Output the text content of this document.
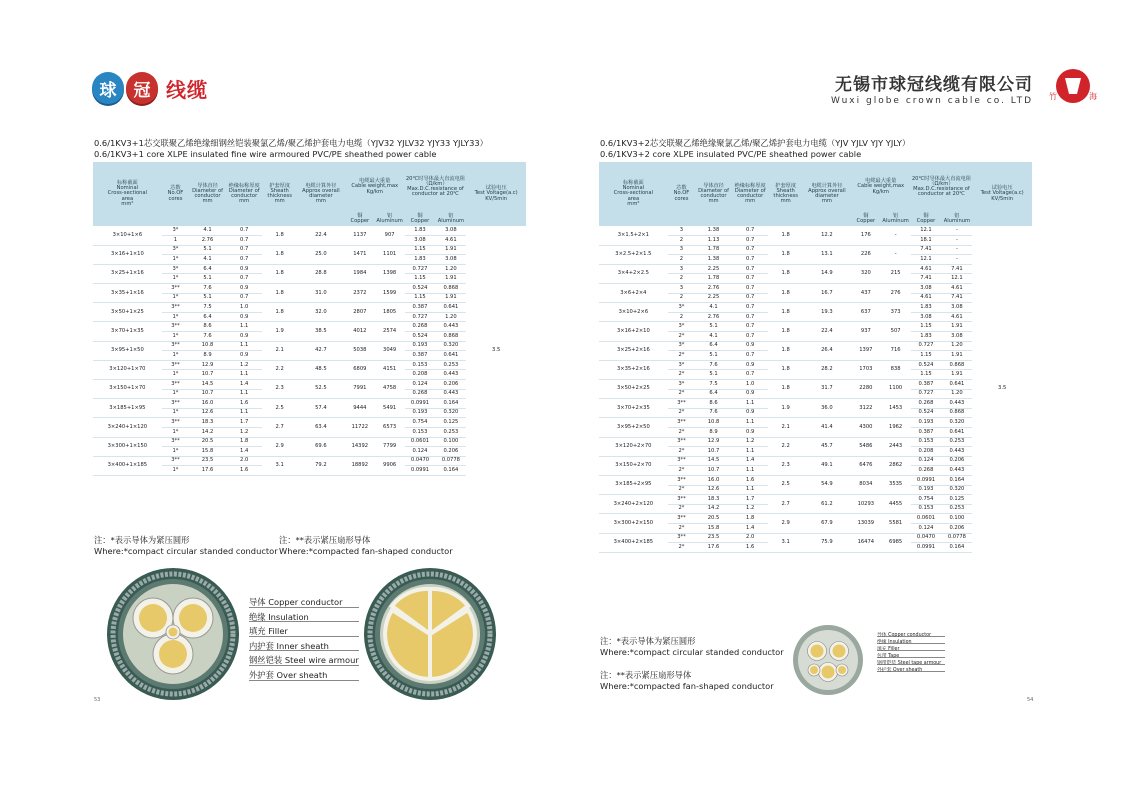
球	冠 线缆
0.6/1KV3+1芯交联聚乙烯绝缘细钢丝铠装聚氯乙烯/聚乙烯护套电力电缆（YJV32 YJLV32 YJY33 YJLY33）
0.6/1KV3+1 core XLPE insulated fine wire armoured PVC/PE sheathed power cable
标称截面
Nominal
Cross-sectional
area
mm²	芯数
No.OF
cores	导体直径
Diameter of
conductor
mm	绝缘标称厚度
Diameter of
conductor
mm	护套厚度
Sheath
thickness
mm	电缆计算外径
Approx overall
diameter
mm	电缆最大重量
Cable weight,max
Kg/km		20℃时导体最大直流电阻
（Ω/km）
Max.D.C.resistance of
conductor at 20℃		试验电压
Test Voltage(a.c)
KV/5min
						铜
Copper	铝
Aluminum	铜
Copper	铝
Aluminum	
3×10+1×6	3*	4.1	0.7	1.8	22.4	1137	907	1.83	3.08	3.5
	1	2.76	0.7					3.08	4.61	
3×16+1×10	3*	5.1	0.7	1.8	25.0	1471	1101	1.15	1.91	
	1*	4.1	0.7					1.83	3.08	
3×25+1×16	3*	6.4	0.9	1.8	28.8	1984	1398	0.727	1.20	
	1*	5.1	0.7					1.15	1.91	
3×35+1×16	3**	7.6	0.9	1.8	31.0	2372	1599	0.524	0.868	
	1*	5.1	0.7					1.15	1.91	
3×50+1×25	3**	7.5	1.0	1.8	32.0	2807	1805	0.387	0.641	
	1*	6.4	0.9					0.727	1.20	
3×70+1×35	3**	8.6	1.1	1.9	38.5	4012	2574	0.268	0.443	
	1*	7.6	0.9					0.524	0.868	
3×95+1×50	3**	10.8	1.1	2.1	42.7	5038	3049	0.193	0.320	
	1*	8.9	0.9					0.387	0.641	
3×120+1×70	3**	12.9	1.2	2.2	48.5	6809	4151	0.153	0.253	
	1*	10.7	1.1					0.208	0.443	
3×150+1×70	3**	14.5	1.4	2.3	52.5	7991	4758	0.124	0.206	
	1*	10.7	1.1					0.268	0.443	
3×185+1×95	3**	16.0	1.6	2.5	57.4	9444	5491	0.0991	0.164	
	1*	12.6	1.1					0.193	0.320	
3×240+1×120	3**	18.3	1.7	2.7	63.4	11722	6573	0.754	0.125	
	1*	14.2	1.2					0.153	0.253	
3×300+1×150	3**	20.5	1.8	2.9	69.6	14392	7799	0.0601	0.100	
	1*	15.8	1.4					0.124	0.206	
3×400+1×185	3**	23.5	2.0	3.1	79.2	18892	9906	0.0470	0.0778	
	1*	17.6	1.6					0.0991	0.164	
注：*表示导体为紧压圆形
Where:*compact circular standed conductor
注：**表示紧压扇形导体
Where:*compacted fan-shaped conductor
导体 Copper conductor
绝缘 Insulation
填充 Filler
内护套 Inner sheath
钢丝铠装 Steel wire armour
外护套 Over sheath
53
无锡市球冠线缆有限公司
Wuxi globe crown cable co. LTD 竹	海
0.6/1KV3+2芯交联聚乙烯绝缘聚氯乙烯/聚乙烯护套电力电缆（YJV YJLV YJY YJLY）
0.6/1KV3+2 core XLPE insulated PVC/PE sheathed power cable
标称截面
Nominal
Cross-sectional
area
mm²	芯数
No.OF
cores	导体直径
Diameter of
conductor
mm	绝缘标称厚度
Diameter of
conductor
mm	护套厚度
Sheath
thickness
mm	电缆计算外径
Approx overall
diameter
mm	电缆最大重量
Cable weight,max
Kg/km		20℃时导体最大直流电阻
（Ω/km）
Max.D.C.resistance of
conductor at 20℃		试验电压
Test Voltage(a.c)
KV/5min
						铜
Copper	铝
Aluminum	铜
Copper	铝
Aluminum	
3×1.5+2×1	3	1.38	0.7	1.8	12.2	176	-	12.1	-	3.5
	2	1.13	0.7					18.1	-	
3×2.5+2×1.5	3	1.78	0.7	1.8	13.1	226	-	7.41	-	
	2	1.38	0.7					12.1	-	
3×4+2×2.5	3	2.25	0.7	1.8	14.9	320	215	4.61	7.41	
	2	1.78	0.7					7.41	12.1	
3×6+2×4	3	2.76	0.7	1.8	16.7	437	276	3.08	4.61	
	2	2.25	0.7					4.61	7.41	
3×10+2×6	3*	4.1	0.7	1.8	19.3	637	373	1.83	3.08	
	2	2.76	0.7					3.08	4.61	
3×16+2×10	3*	5.1	0.7	1.8	22.4	937	507	1.15	1.91	
	2*	4.1	0.7					1.83	3.08	
3×25+2×16	3*	6.4	0.9	1.8	26.4	1397	716	0.727	1.20	
	2*	5.1	0.7					1.15	1.91	
3×35+2×16	3*	7.6	0.9	1.8	28.2	1703	838	0.524	0.868	
	2*	5.1	0.7					1.15	1.91	
3×50+2×25	3*	7.5	1.0	1.8	31.7	2280	1100	0.387	0.641	
	2*	6.4	0.9					0.727	1.20	
3×70+2×35	3**	8.6	1.1	1.9	36.0	3122	1453	0.268	0.443	
	2*	7.6	0.9					0.524	0.868	
3×95+2×50	3**	10.8	1.1	2.1	41.4	4300	1962	0.193	0.320	
	2*	8.9	0.9					0.387	0.641	
3×120+2×70	3**	12.9	1.2	2.2	45.7	5486	2443	0.153	0.253	
	2*	10.7	1.1					0.208	0.443	
3×150+2×70	3**	14.5	1.4	2.3	49.1	6476	2862	0.124	0.206	
	2*	10.7	1.1					0.268	0.443	
3×185+2×95	3**	16.0	1.6	2.5	54.9	8034	3535	0.0991	0.164	
	2*	12.6	1.1					0.193	0.320	
3×240+2×120	3**	18.3	1.7	2.7	61.2	10293	4455	0.754	0.125	
	2*	14.2	1.2					0.153	0.253	
3×300+2×150	3**	20.5	1.8	2.9	67.9	13039	5581	0.0601	0.100	
	2*	15.8	1.4					0.124	0.206	
3×400+2×185	3**	23.5	2.0	3.1	75.9	16474	6985	0.0470	0.0778	
	2*	17.6	1.6					0.0991	0.164	
注：*表示导体为紧压圆形
Where:*compact circular standed conductor
注：**表示紧压扇形导体
Where:*compacted fan-shaped conductor
导体 Copper conductor
绝缘 Insulation
填充 Filler
包带 Tape
钢带铠装 Steel tape armour
外护套 Over sheath
54
